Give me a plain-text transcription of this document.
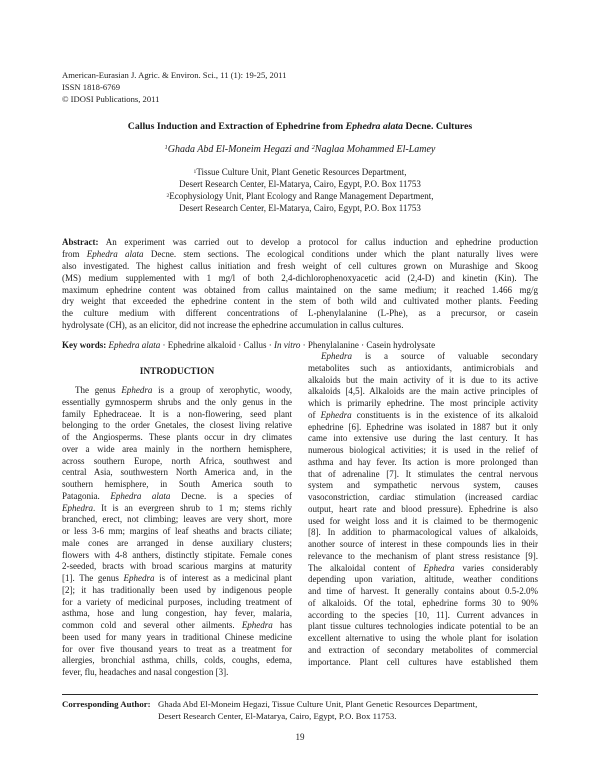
American-Eurasian J. Agric. & Environ. Sci., 11 (1): 19-25, 2011
ISSN 1818-6769
© IDOSI Publications, 2011
Callus Induction and Extraction of Ephedrine from Ephedra alata Decne. Cultures
$^1$Ghada Abd El-Moneim Hegazi and $^2$Naglaa Mohammed El-Lamey
$^1$Tissue Culture Unit, Plant Genetic Resources Department,
Desert Research Center, El-Matarya, Cairo, Egypt, P.O. Box 11753
$^2$Ecophysiology Unit, Plant Ecology and Range Management Department,
Desert Research Center, El-Matarya, Cairo, Egypt, P.O. Box 11753
Abstract: An experiment was carried out to develop a protocol for callus induction and ephedrine production
from Ephedra alata Decne. stem sections. The ecological conditions under which the plant naturally lives were
also investigated. The highest callus initiation and fresh weight of cell cultures grown on Murashige and Skoog
(MS) medium supplemented with 1 mg/l of both 2,4-dichlorophenoxyacetic acid (2,4-D) and kinetin (Kin). The
maximum ephedrine content was obtained from callus maintained on the same medium; it reached 1.466 mg/g
dry weight that exceeded the ephedrine content in the stem of both wild and cultivated mother plants. Feeding
the culture medium with different concentrations of L-phenylalanine (L-Phe), as a precursor, or casein
hydrolysate (CH), as an elicitor, did not increase the ephedrine accumulation in callus cultures.
Key words: Ephedra alata · Ephedrine alkaloid · Callus · In vitro · Phenylalanine · Casein hydrolysate
INTRODUCTION
The genus Ephedra is a group of xerophytic, woody,
essentially gymnosperm shrubs and the only genus in the
family Ephedraceae. It is a non-flowering, seed plant
belonging to the order Gnetales, the closest living relative
of the Angiosperms. These plants occur in dry climates
over a wide area mainly in the northern hemisphere,
across southern Europe, north Africa, southwest and
central Asia, southwestern North America and, in the
southern hemisphere, in South America south to
Patagonia. Ephedra alata Decne. is a species of
Ephedra. It is an evergreen shrub to 1 m; stems richly
branched, erect, not climbing; leaves are very short, more
or less 3-6 mm; margins of leaf sheaths and bracts ciliate;
male cones are arranged in dense auxiliary clusters;
flowers with 4-8 anthers, distinctly stipitate. Female cones
2-seeded, bracts with broad scarious margins at maturity
[1]. The genus Ephedra is of interest as a medicinal plant
[2]; it has traditionally been used by indigenous people
for a variety of medicinal purposes, including treatment of
asthma, hose and lung congestion, hay fever, malaria,
common cold and several other ailments. Ephedra has
been used for many years in traditional Chinese medicine
for over five thousand years to treat as a treatment for
allergies, bronchial asthma, chills, colds, coughs, edema,
fever, flu, headaches and nasal congestion [3].
Ephedra is a source of valuable secondary
metabolites such as antioxidants, antimicrobials and
alkaloids but the main activity of it is due to its active
alkaloids [4,5]. Alkaloids are the main active principles of
which is primarily ephedrine. The most principle activity
of Ephedra constituents is in the existence of its alkaloid
ephedrine [6]. Ephedrine was isolated in 1887 but it only
came into extensive use during the last century. It has
numerous biological activities; it is used in the relief of
asthma and hay fever. Its action is more prolonged than
that of adrenaline [7]. It stimulates the central nervous
system and sympathetic nervous system, causes
vasoconstriction, cardiac stimulation (increased cardiac
output, heart rate and blood pressure). Ephedrine is also
used for weight loss and it is claimed to be thermogenic
[8]. In addition to pharmacological values of alkaloids,
another source of interest in these compounds lies in their
relevance to the mechanism of plant stress resistance [9].
The alkaloidal content of Ephedra varies considerably
depending upon variation, altitude, weather conditions
and time of harvest. It generally contains about 0.5-2.0%
of alkaloids. Of the total, ephedrine forms 30 to 90%
according to the species [10, 11]. Current advances in
plant tissue cultures technologies indicate potential to be an
excellent alternative to using the whole plant for isolation
and extraction of secondary metabolites of commercial
importance. Plant cell cultures have established them
Corresponding Author: Ghada Abd El-Moneim Hegazi, Tissue Culture Unit, Plant Genetic Resources Department,
Desert Research Center, El-Matarya, Cairo, Egypt, P.O. Box 11753.
19
